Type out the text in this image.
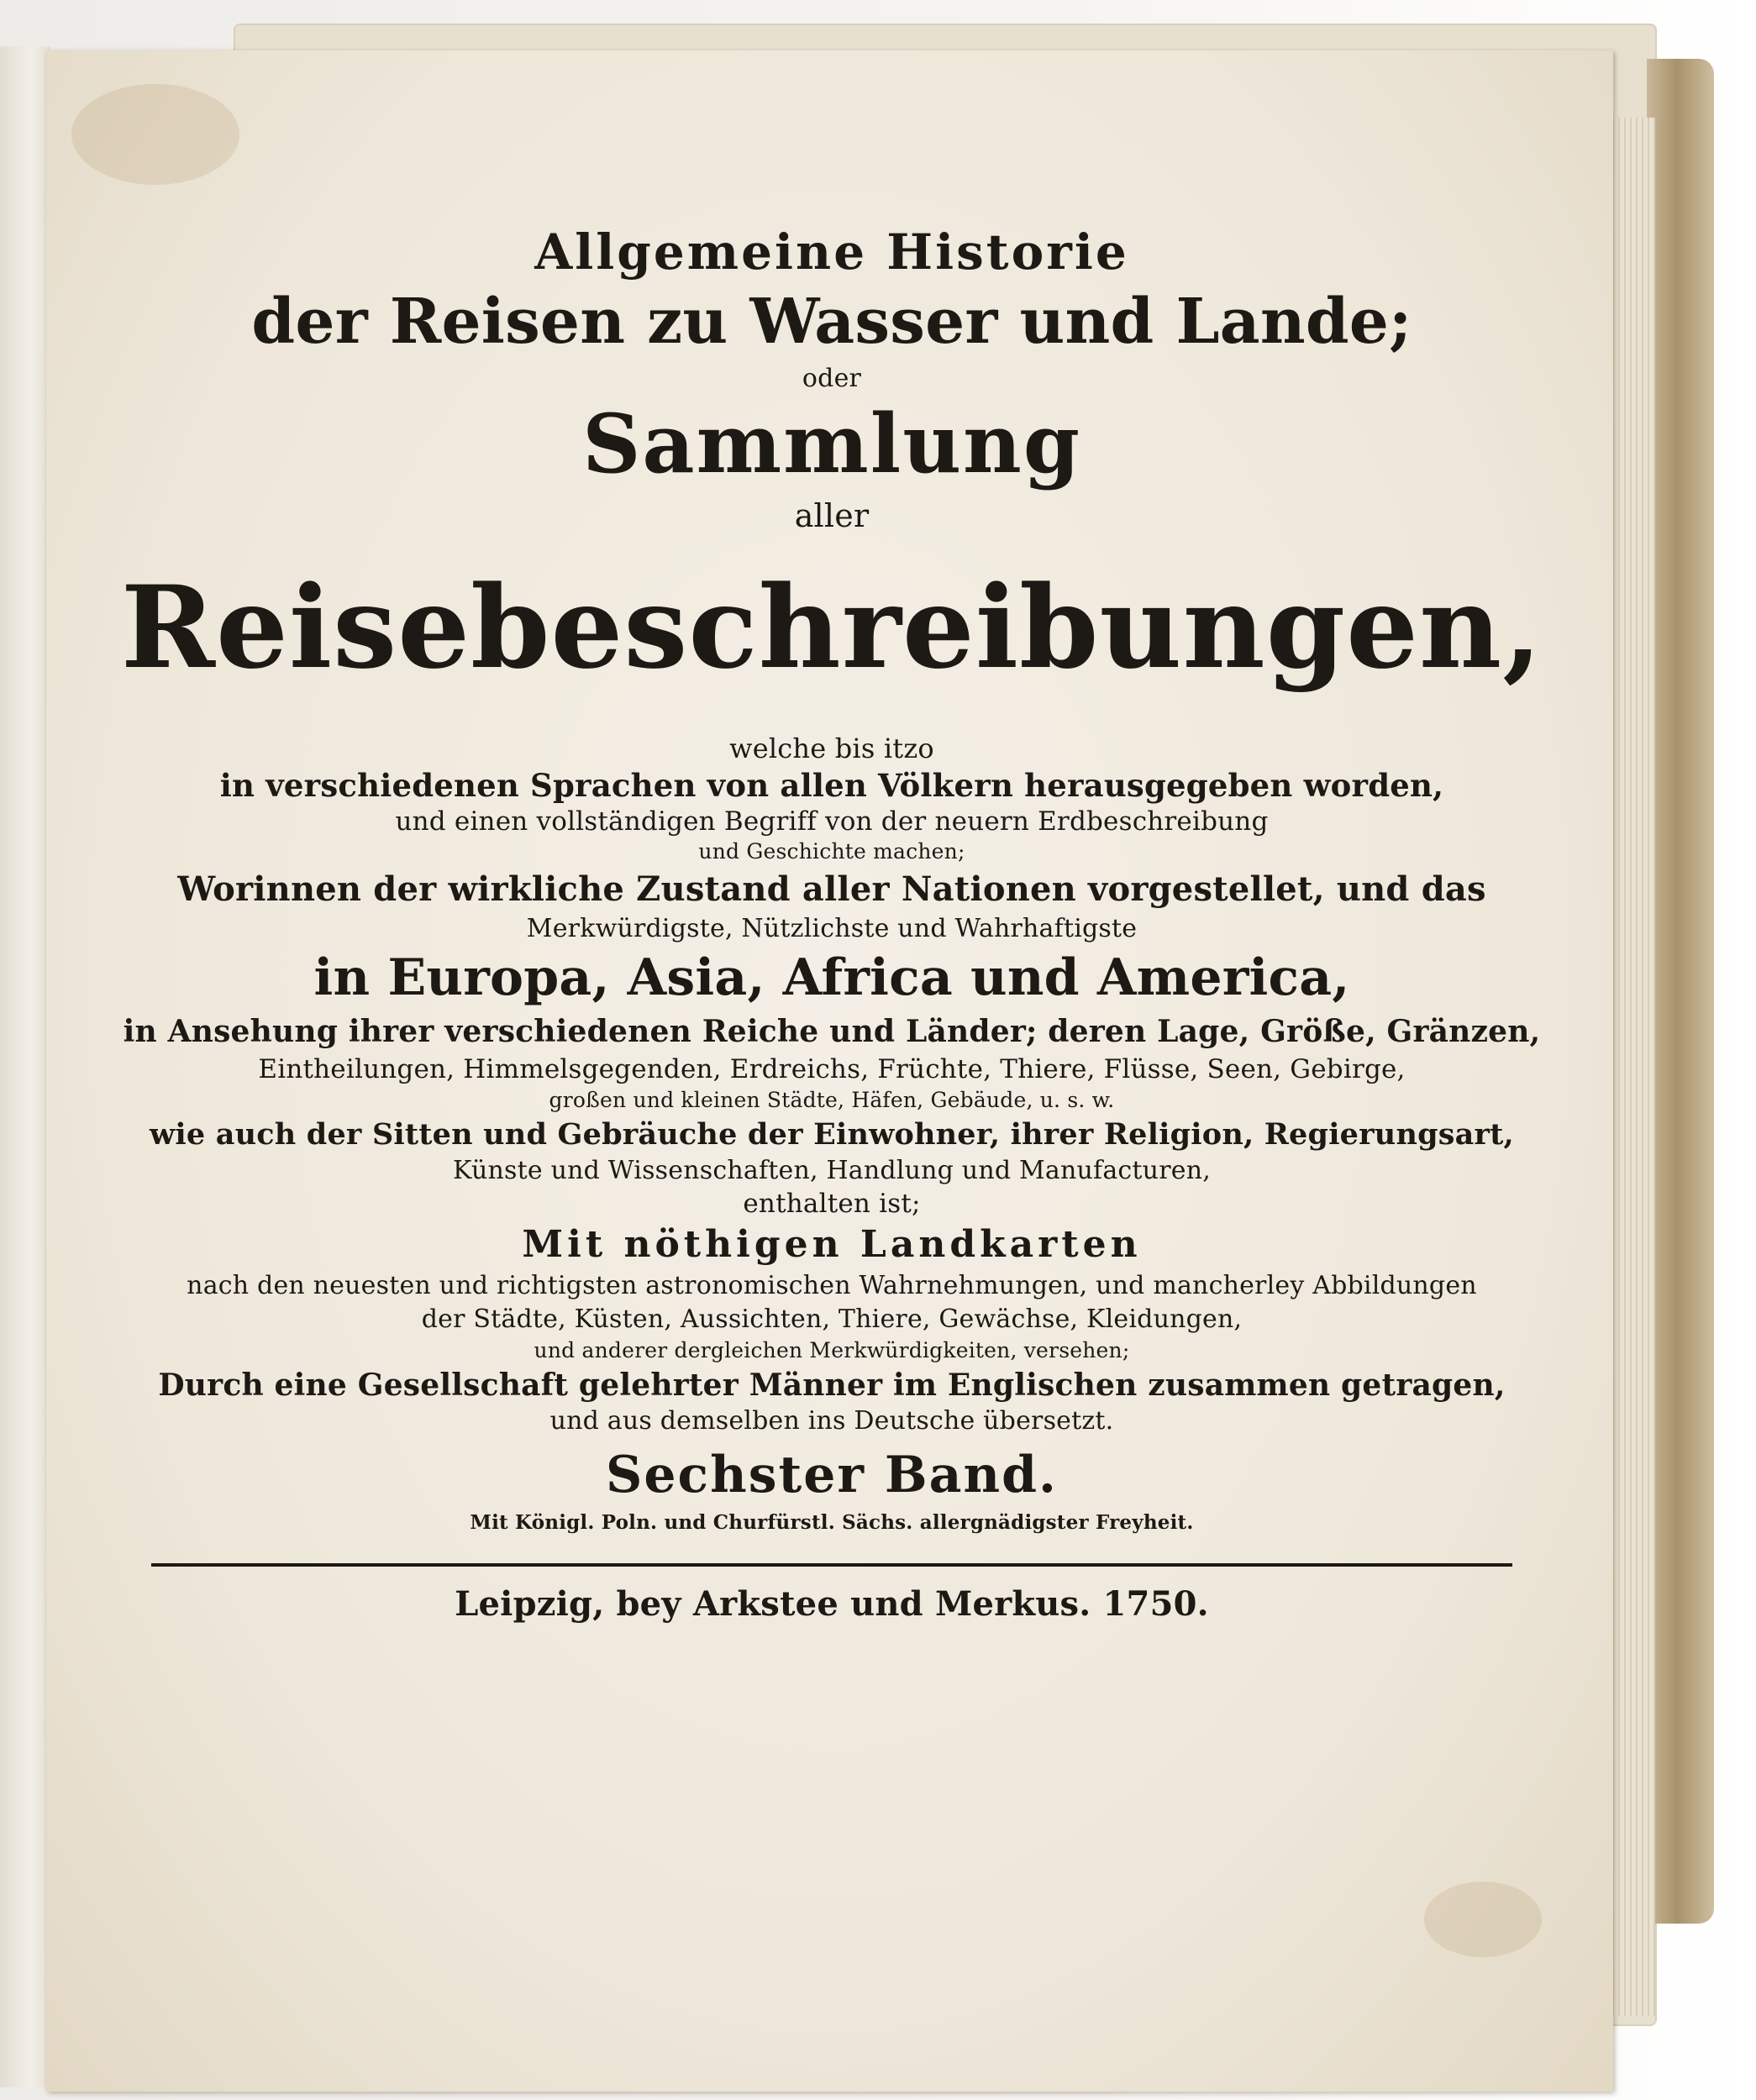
Allgemeine Historie
der Reisen zu Wasser und Lande;
oder
Sammlung
aller
Reisebeschreibungen,
welche bis itzo
in verschiedenen Sprachen von allen Völkern herausgegeben worden,
und einen vollständigen Begriff von der neuern Erdbeschreibung
und Geschichte machen;
Worinnen der wirkliche Zustand aller Nationen vorgestellet, und das
Merkwürdigste, Nützlichste und Wahrhaftigste
in Europa, Asia, Africa und America,
in Ansehung ihrer verschiedenen Reiche und Länder; deren Lage, Größe, Gränzen,
Eintheilungen, Himmelsgegenden, Erdreichs, Früchte, Thiere, Flüsse, Seen, Gebirge,
großen und kleinen Städte, Häfen, Gebäude, u. s. w.
wie auch der Sitten und Gebräuche der Einwohner, ihrer Religion, Regierungsart,
Künste und Wissenschaften, Handlung und Manufacturen,
enthalten ist;
Mit nöthigen Landkarten
nach den neuesten und richtigsten astronomischen Wahrnehmungen, und mancherley Abbildungen
der Städte, Küsten, Aussichten, Thiere, Gewächse, Kleidungen,
und anderer dergleichen Merkwürdigkeiten, versehen;
Durch eine Gesellschaft gelehrter Männer im Englischen zusammen getragen,
und aus demselben ins Deutsche übersetzt.
Sechster Band.
Mit Königl. Poln. und Churfürstl. Sächs. allergnädigster Freyheit.
Leipzig, bey Arkstee und Merkus. 1750.
